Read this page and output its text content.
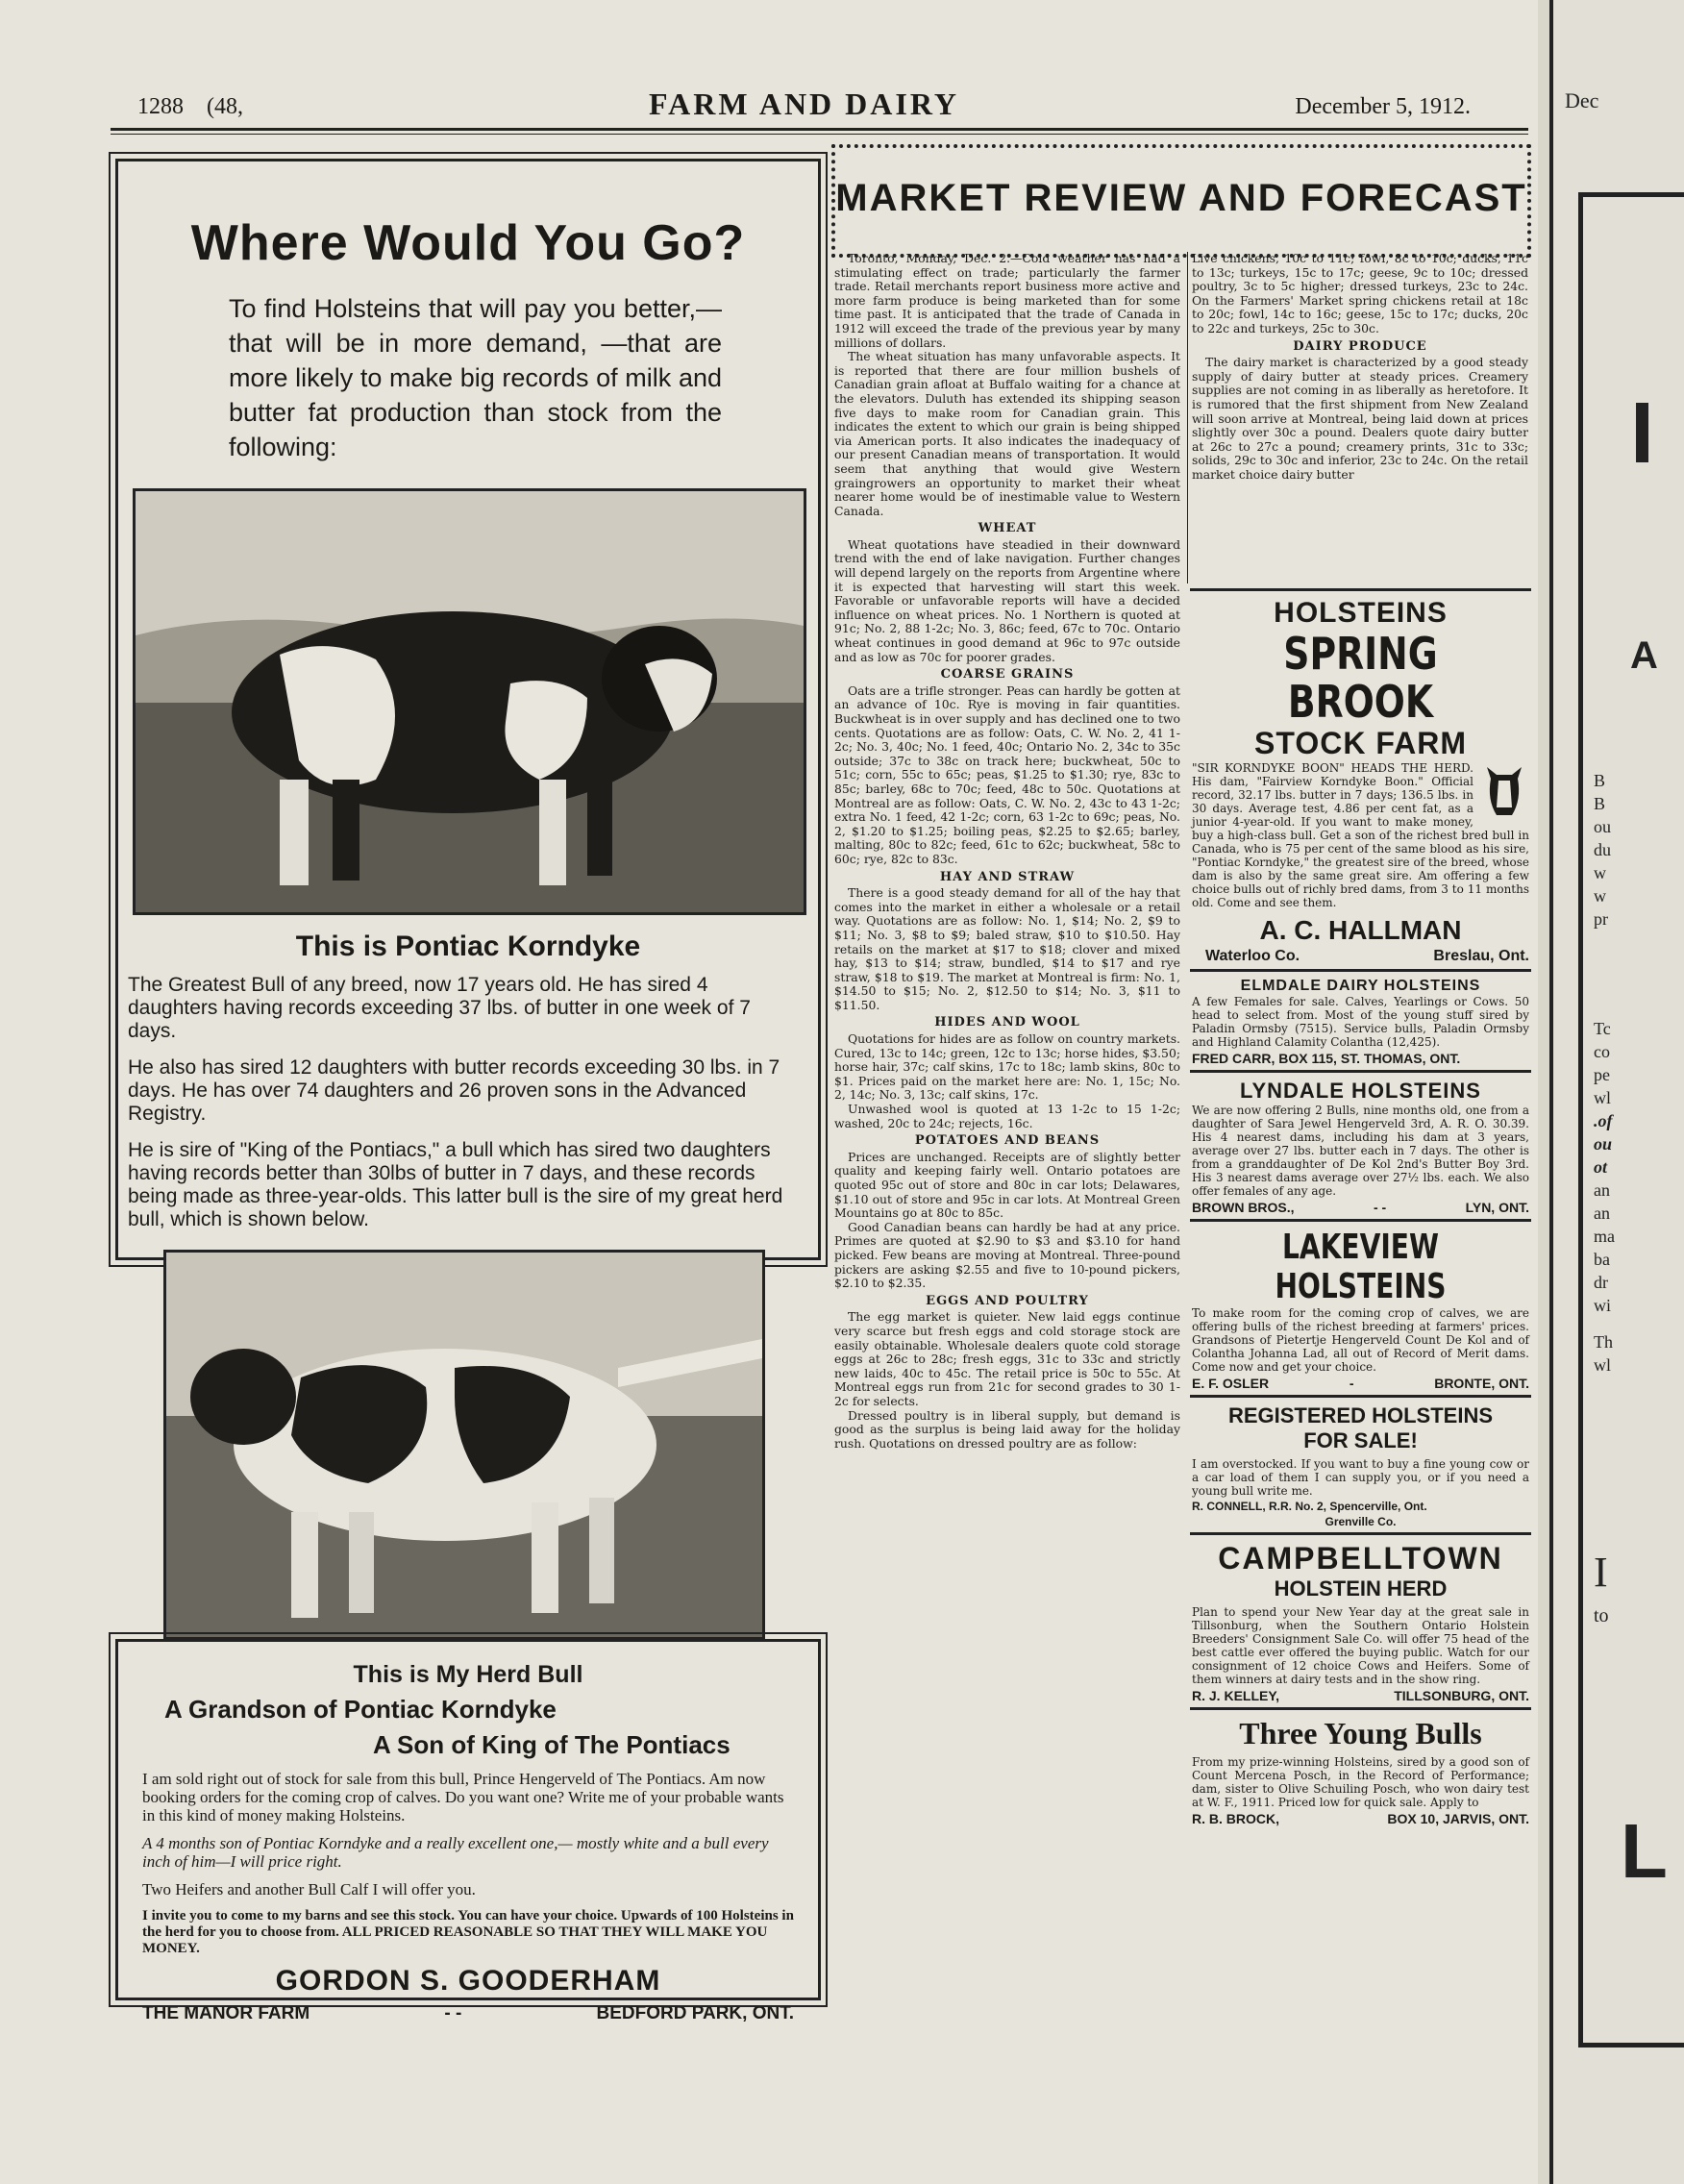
1288 (48,	FARM AND DAIRY	December 5, 1912.
Where Would You Go?
To find Holsteins that will pay you better,—that will be in more demand, —that are more likely to make big records of milk and butter fat production than stock from the following:
This is Pontiac Korndyke

The Greatest Bull of any breed, now 17 years old. He has sired 4 daughters having records exceeding 37 lbs. of butter in one week of 7 days.

He also has sired 12 daughters with butter records exceeding 30 lbs. in 7 days. He has over 74 daughters and 26 proven sons in the Advanced Registry.

He is sire of "King of the Pontiacs," a bull which has sired two daughters having records better than 30lbs of butter in 7 days, and these records being made as three-year-olds. This latter bull is the sire of my great herd bull, which is shown below.

This is My Herd Bull
A Grandson of Pontiac Korndyke
A Son of King of The Pontiacs
I am sold right out of stock for sale from this bull, Prince Hengerveld of The Pontiacs. Am now booking orders for the coming crop of calves. Do you want one? Write me of your probable wants in this kind of money making Holsteins.
A 4 months son of Pontiac Korndyke and a really excellent one,— mostly white and a bull every inch of him—I will price right.
Two Heifers and another Bull Calf I will offer you.
I invite you to come to my barns and see this stock. You can have your choice. Upwards of 100 Holsteins in the herd for you to choose from. ALL PRICED REASONABLE SO THAT THEY WILL MAKE YOU MONEY.
GORDON S. GOODERHAM
THE MANOR FARM	- -	BEDFORD PARK, ONT.
MARKET REVIEW AND FORECAST

Toronto, Monday, Dec. 2.—Cold weather has had a stimulating effect on trade; particularly the farmer trade. Retail merchants report business more active and more farm produce is being marketed than for some time past. It is anticipated that the trade of Canada in 1912 will exceed the trade of the previous year by many millions of dollars.

The wheat situation has many unfavorable aspects. It is reported that there are four million bushels of Canadian grain afloat at Buffalo waiting for a chance at the elevators. Duluth has extended its shipping season five days to make room for Canadian grain. This indicates the extent to which our grain is being shipped via American ports. It also indicates the inadequacy of our present Canadian means of transportation. It would seem that anything that would give Western graingrowers an opportunity to market their wheat nearer home would be of inestimable value to Western Canada.

WHEAT

Wheat quotations have steadied in their downward trend with the end of lake navigation. Further changes will depend largely on the reports from Argentine where it is expected that harvesting will start this week. Favorable or unfavorable reports will have a decided influence on wheat prices. No. 1 Northern is quoted at 91c; No. 2, 88 1-2c; No. 3, 86c; feed, 67c to 70c. Ontario wheat continues in good demand at 96c to 97c outside and as low as 70c for poorer grades.

COARSE GRAINS

Oats are a trifle stronger. Peas can hardly be gotten at an advance of 10c. Rye is moving in fair quantities. Buckwheat is in over supply and has declined one to two cents. Quotations are as follow: Oats, C. W. No. 2, 41 1-2c; No. 3, 40c; No. 1 feed, 40c; Ontario No. 2, 34c to 35c outside; 37c to 38c on track here; buckwheat, 50c to 51c; corn, 55c to 65c; peas, $1.25 to $1.30; rye, 83c to 85c; barley, 68c to 70c; feed, 48c to 50c. Quotations at Montreal are as follow: Oats, C. W. No. 2, 43c to 43 1-2c; extra No. 1 feed, 42 1-2c; corn, 63 1-2c to 69c; peas, No. 2, $1.20 to $1.25; boiling peas, $2.25 to $2.65; barley, malting, 80c to 82c; feed, 61c to 62c; buckwheat, 58c to 60c; rye, 82c to 83c.

HAY AND STRAW

There is a good steady demand for all of the hay that comes into the market in either a wholesale or a retail way. Quotations are as follow: No. 1, $14; No. 2, $9 to $11; No. 3, $8 to $9; baled straw, $10 to $10.50. Hay retails on the market at $17 to $18; clover and mixed hay, $13 to $14; straw, bundled, $14 to $17 and rye straw, $18 to $19. The market at Montreal is firm: No. 1, $14.50 to $15; No. 2, $12.50 to $14; No. 3, $11 to $11.50.

HIDES AND WOOL

Quotations for hides are as follow on country markets. Cured, 13c to 14c; green, 12c to 13c; horse hides, $3.50; horse hair, 37c; calf skins, 17c to 18c; lamb skins, 80c to $1. Prices paid on the market here are: No. 1, 15c; No. 2, 14c; No. 3, 13c; calf skins, 17c.

Unwashed wool is quoted at 13 1-2c to 15 1-2c; washed, 20c to 24c; rejects, 16c.

POTATOES AND BEANS

Prices are unchanged. Receipts are of slightly better quality and keeping fairly well. Ontario potatoes are quoted 95c out of store and 80c in car lots; Delawares, $1.10 out of store and 95c in car lots. At Montreal Green Mountains go at 80c to 85c.

Good Canadian beans can hardly be had at any price. Primes are quoted at $2.90 to $3 and $3.10 for hand picked. Few beans are moving at Montreal. Three-pound pickers are asking $2.55 and five to 10-pound pickers, $2.10 to $2.35.

EGGS AND POULTRY

The egg market is quieter. New laid eggs continue very scarce but fresh eggs and cold storage stock are easily obtainable. Wholesale dealers quote cold storage eggs at 26c to 28c; fresh eggs, 31c to 33c and strictly new laids, 40c to 45c. The retail price is 50c to 55c. At Montreal eggs run from 21c for second grades to 30 1-2c for selects.

Dressed poultry is in liberal supply, but demand is good as the surplus is being laid away for the holiday rush. Quotations on dressed poultry are as follow:

Live chickens, 10c to 11c; fowl, 8c to 10c; ducks, 11c to 13c; turkeys, 15c to 17c; geese, 9c to 10c; dressed poultry, 3c to 5c higher; dressed turkeys, 23c to 24c. On the Farmers' Market spring chickens retail at 18c to 20c; fowl, 14c to 16c; geese, 15c to 17c; ducks, 20c to 22c and turkeys, 25c to 30c.

DAIRY PRODUCE

The dairy market is characterized by a good steady supply of dairy butter at steady prices. Creamery supplies are not coming in as liberally as heretofore. It is rumored that the first shipment from New Zealand will soon arrive at Montreal, being laid down at prices slightly over 30c a pound. Dealers quote dairy butter at 26c to 27c a pound; creamery prints, 31c to 33c; solids, 29c to 30c and inferior, 23c to 24c. On the retail market choice dairy butter

HOLSTEINS
SPRING BROOK
STOCK FARM
"SIR KORNDYKE BOON" HEADS THE HERD. His dam, "Fairview Korndyke Boon." Official record, 32.17 lbs. butter in 7 days; 136.5 lbs. in 30 days. Average test, 4.86 per cent fat, as a junior 4-year-old. If you want to make money, buy a high-class bull. Get a son of the richest bred bull in Canada, who is 75 per cent of the same blood as his sire, "Pontiac Korndyke," the greatest sire of the breed, whose dam is also by the same great sire. Am offering a few choice bulls out of richly bred dams, from 3 to 11 months old. Come and see them.
A. C. HALLMAN
Waterloo Co.	Breslau, Ont.
ELMDALE DAIRY HOLSTEINS
A few Females for sale. Calves, Yearlings or Cows. 50 head to select from. Most of the young stuff sired by Paladin Ormsby (7515). Service bulls, Paladin Ormsby and Highland Calamity Colantha (12,425).
FRED CARR, BOX 115, ST. THOMAS, ONT.
LYNDALE HOLSTEINS
We are now offering 2 Bulls, nine months old, one from a daughter of Sara Jewel Hengerveld 3rd, A. R. O. 30.39. His 4 nearest dams, including his dam at 3 years, average over 27 lbs. butter each in 7 days. The other is from a granddaughter of De Kol 2nd's Butter Boy 3rd. His 3 nearest dams average over 27½ lbs. each. We also offer females of any age.
BROWN BROS.,	- -	LYN, ONT.
LAKEVIEW HOLSTEINS
To make room for the coming crop of calves, we are offering bulls of the richest breeding at farmers' prices. Grandsons of Pietertje Hengerveld Count De Kol and of Colantha Johanna Lad, all out of Record of Merit dams. Come now and get your choice.
E. F. OSLER	-	BRONTE, ONT.
REGISTERED HOLSTEINS
FOR SALE!
I am overstocked. If you want to buy a fine young cow or a car load of them I can supply you, or if you need a young bull write me.
R. CONNELL, R.R. No. 2, Spencerville, Ont.
Grenville Co.
CAMPBELLTOWN
HOLSTEIN HERD
Plan to spend your New Year day at the great sale in Tillsonburg, when the Southern Ontario Holstein Breeders' Consignment Sale Co. will offer 75 head of the best cattle ever offered the buying public. Watch for our consignment of 12 choice Cows and Heifers. Some of them winners at dairy tests and in the show ring.
R. J. KELLEY,	TILLSONBURG, ONT.
Three Young Bulls
From my prize-winning Holsteins, sired by a good son of Count Mercena Posch, in the Record of Performance; dam, sister to Olive Schuiling Posch, who won dairy test at W. F., 1911. Priced low for quick sale. Apply to
R. B. BROCK,	BOX 10, JARVIS, ONT.
Dec
I
A
L
B
B
ou
du
w
w
pr
Tc
co
pe
wl
.of
ou
ot
an
an
ma
ba
dr
wi
Th
wl
I
to
